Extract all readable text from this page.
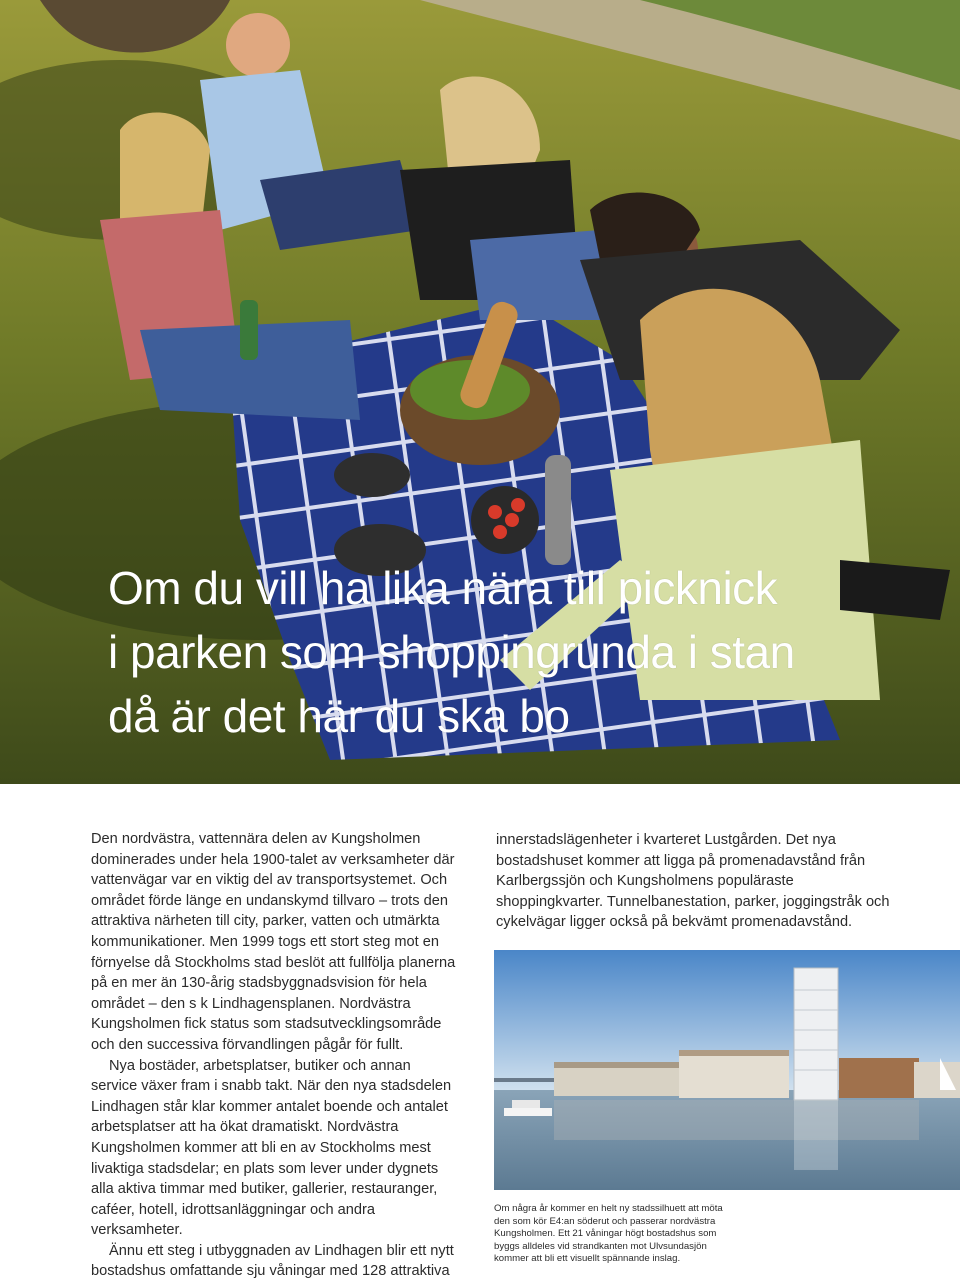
Om du vill ha lika nära till picknick
i parken som shoppingrunda i stan
då är det här du ska bo

Den nordvästra, vattennära delen av Kungsholmen dominerades under hela 1900-talet av verksamheter där vattenvägar var en viktig del av transportsystemet. Och området förde länge en undanskymd tillvaro – trots den attraktiva närheten till city, parker, vatten och utmärkta kommunikationer. Men 1999 togs ett stort steg mot en förnyelse då Stockholms stad beslöt att fullfölja planerna på en mer än 130-årig stadsbyggnadsvision för hela området – den s k Lindhagensplanen. Nordvästra Kungsholmen fick status som stadsutvecklingsområde och den successiva förvandlingen pågår för fullt.

Nya bostäder, arbetsplatser, butiker och annan service växer fram i snabb takt. När den nya stadsdelen Lindhagen står klar kommer antalet boende och antalet arbetsplatser att ha ökat dramatiskt. Nordvästra Kungsholmen kommer att bli en av Stockholms mest livaktiga stadsdelar; en plats som lever under dygnets alla aktiva timmar med butiker, gallerier, restauranger, caféer, hotell, idrottsanläggningar och andra verksamheter.

Ännu ett steg i utbyggnaden av Lindhagen blir ett nytt bostadshus omfattande sju våningar med 128 attraktiva

innerstadslägenheter i kvarteret Lustgården. Det nya bostadshuset kommer att ligga på promenadavstånd från Karlbergssjön och Kungsholmens populäraste shoppingkvarter. Tunnelbanestation, parker, joggingstråk och cykelvägar ligger också på bekvämt promenadavstånd.

Om några år kommer en helt ny stadssilhuett att möta den som kör E4:an söderut och passerar nordvästra Kungsholmen. Ett 21 våningar högt bostadshus som byggs alldeles vid strandkanten mot Ulvsundasjön kommer att bli ett visuellt spännande inslag.
